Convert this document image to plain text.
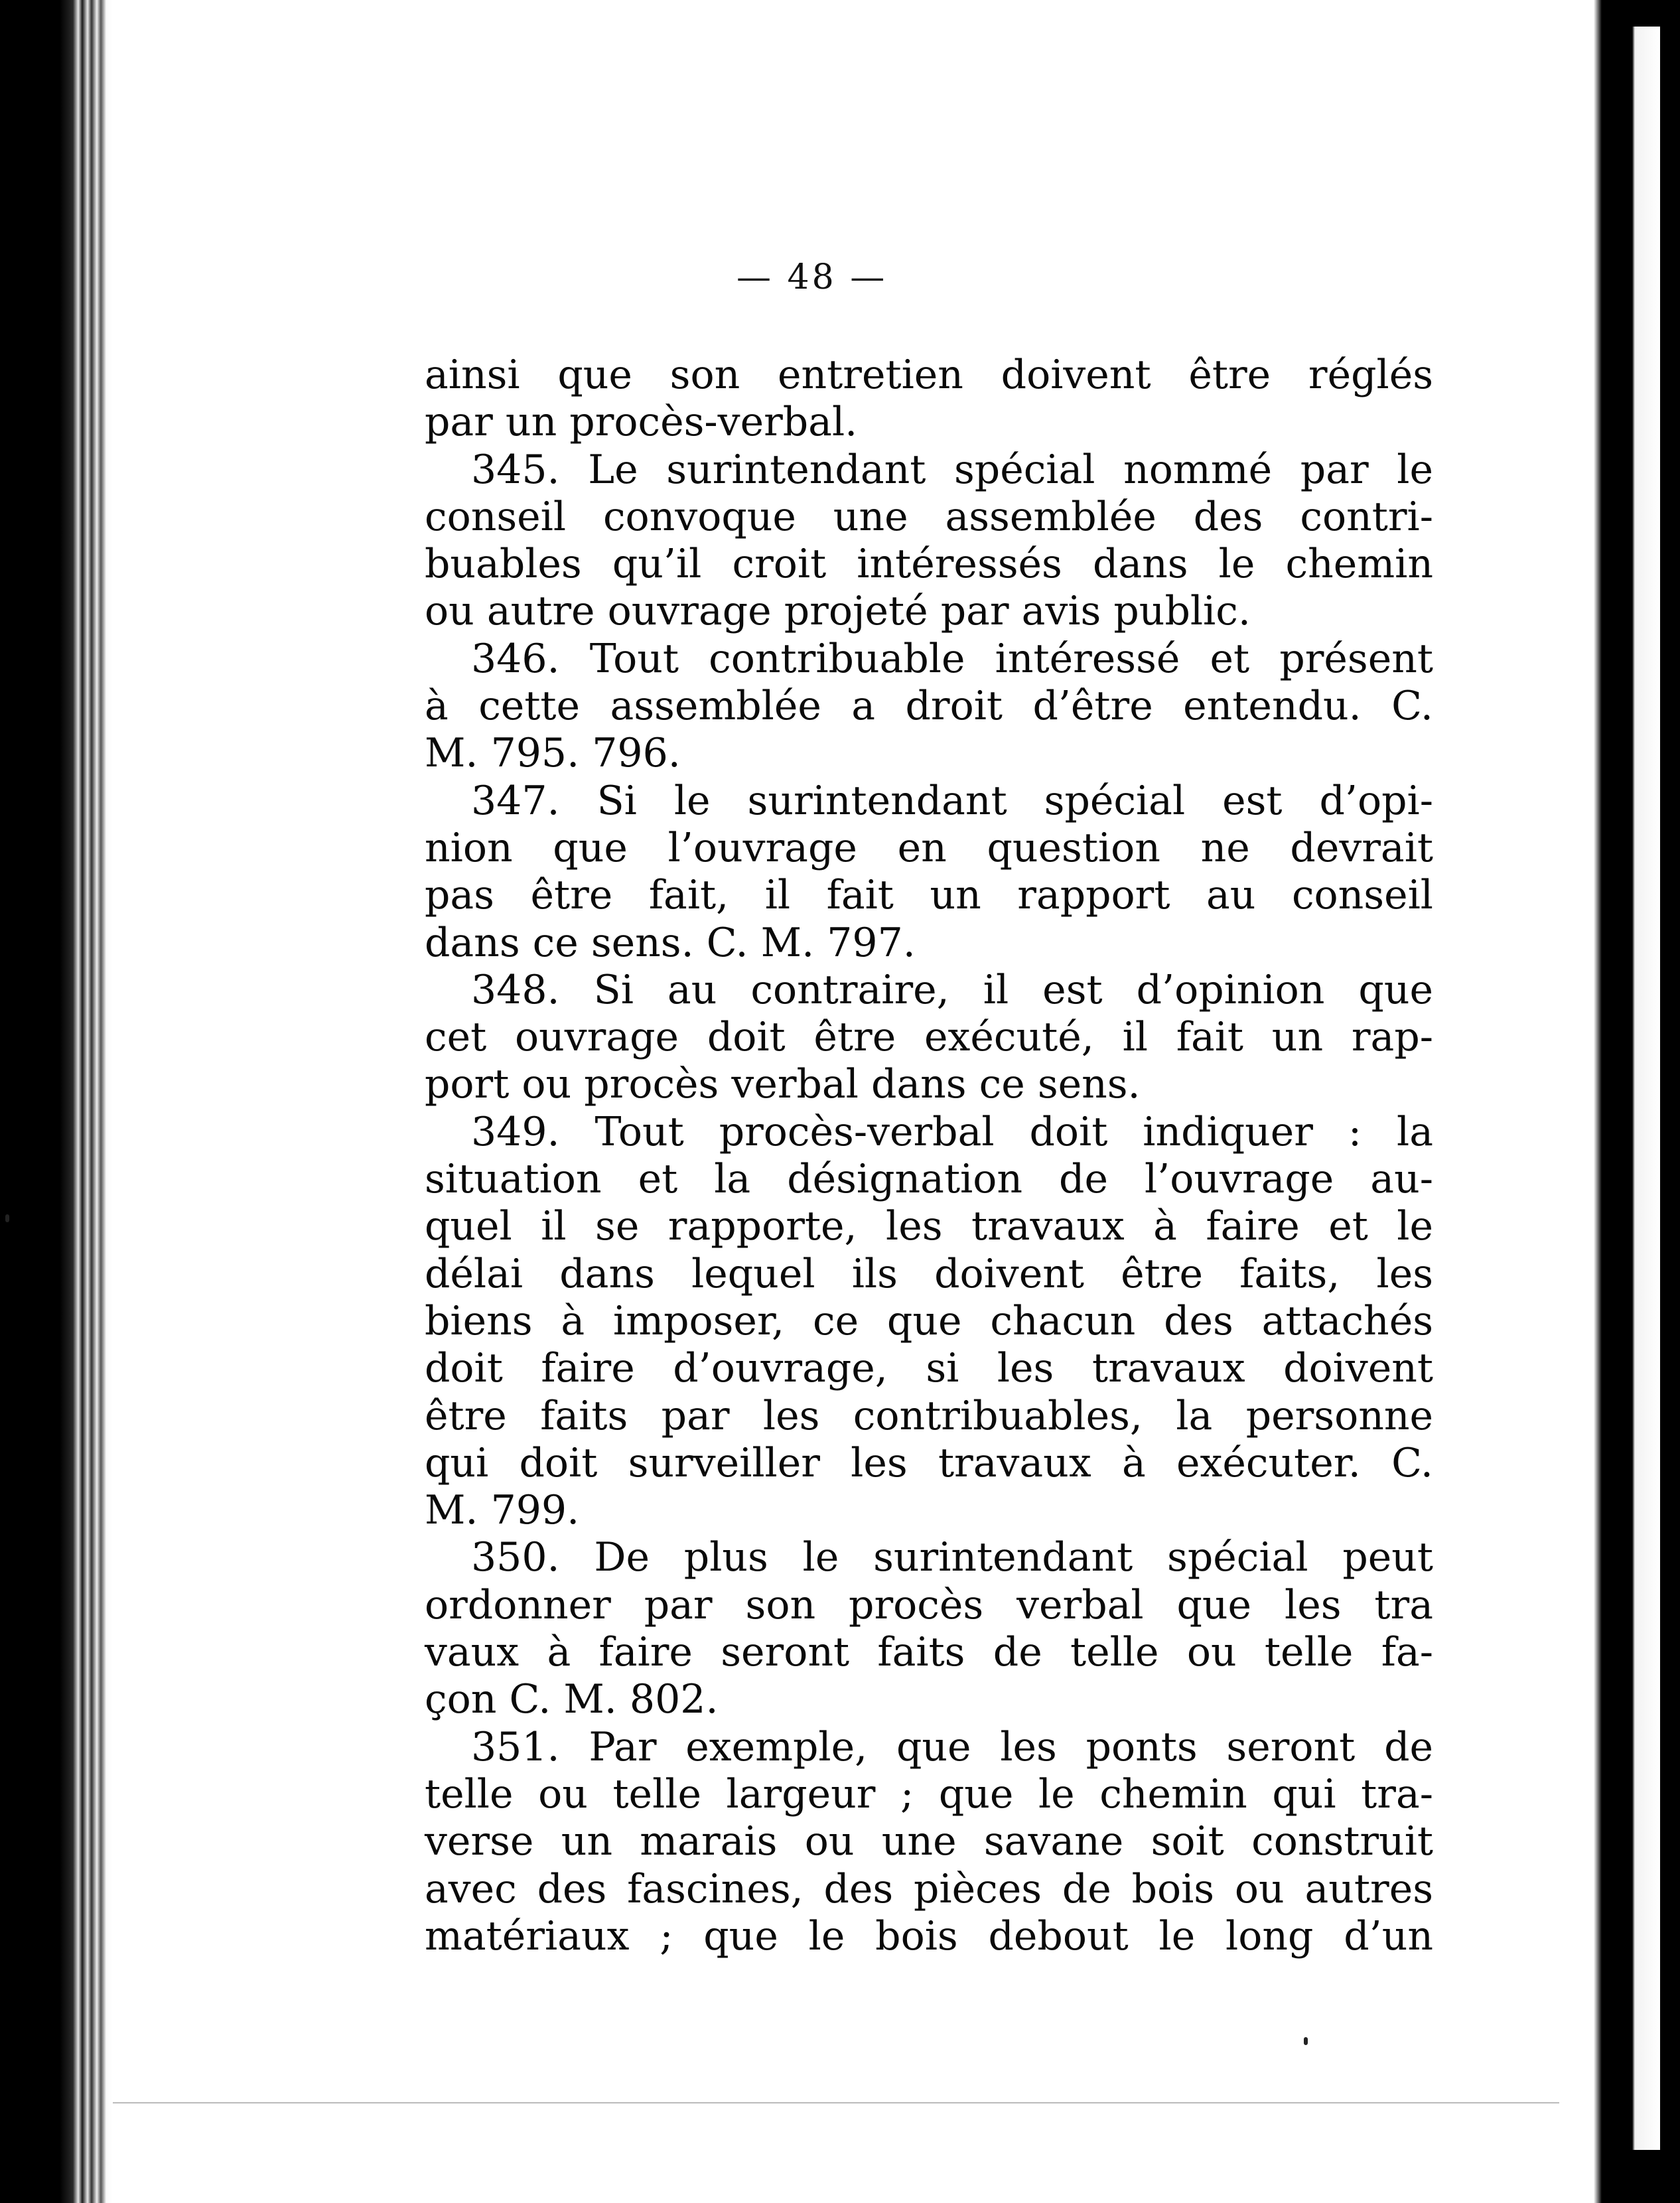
— 48 —
ainsi que son entretien doivent être réglés
par un procès-verbal.
345. Le surintendant spécial nommé par le
conseil convoque une assemblée des contri-
buables qu’il croit intéressés dans le chemin
ou autre ouvrage projeté par avis public.
346. Tout contribuable intéressé et présent
à cette assemblée a droit d’être entendu. C.
M. 795. 796.
347. Si le surintendant spécial est d’opi-
nion que l’ouvrage en question ne devrait
pas être fait, il fait un rapport au conseil
dans ce sens. C. M. 797.
348. Si au contraire, il est d’opinion que
cet ouvrage doit être exécuté, il fait un rap-
port ou procès verbal dans ce sens.
349. Tout procès-verbal doit indiquer : la
situation et la désignation de l’ouvrage au-
quel il se rapporte, les travaux à faire et le
délai dans lequel ils doivent être faits, les
biens à imposer, ce que chacun des attachés
doit faire d’ouvrage, si les travaux doivent
être faits par les contribuables, la personne
qui doit surveiller les travaux à exécuter. C.
M. 799.
350. De plus le surintendant spécial peut
ordonner par son procès verbal que les tra
vaux à faire seront faits de telle ou telle fa-
çon C. M. 802.
351. Par exemple, que les ponts seront de
telle ou telle largeur ; que le chemin qui tra-
verse un marais ou une savane soit construit
avec des fascines, des pièces de bois ou autres
matériaux ; que le bois debout le long d’un
